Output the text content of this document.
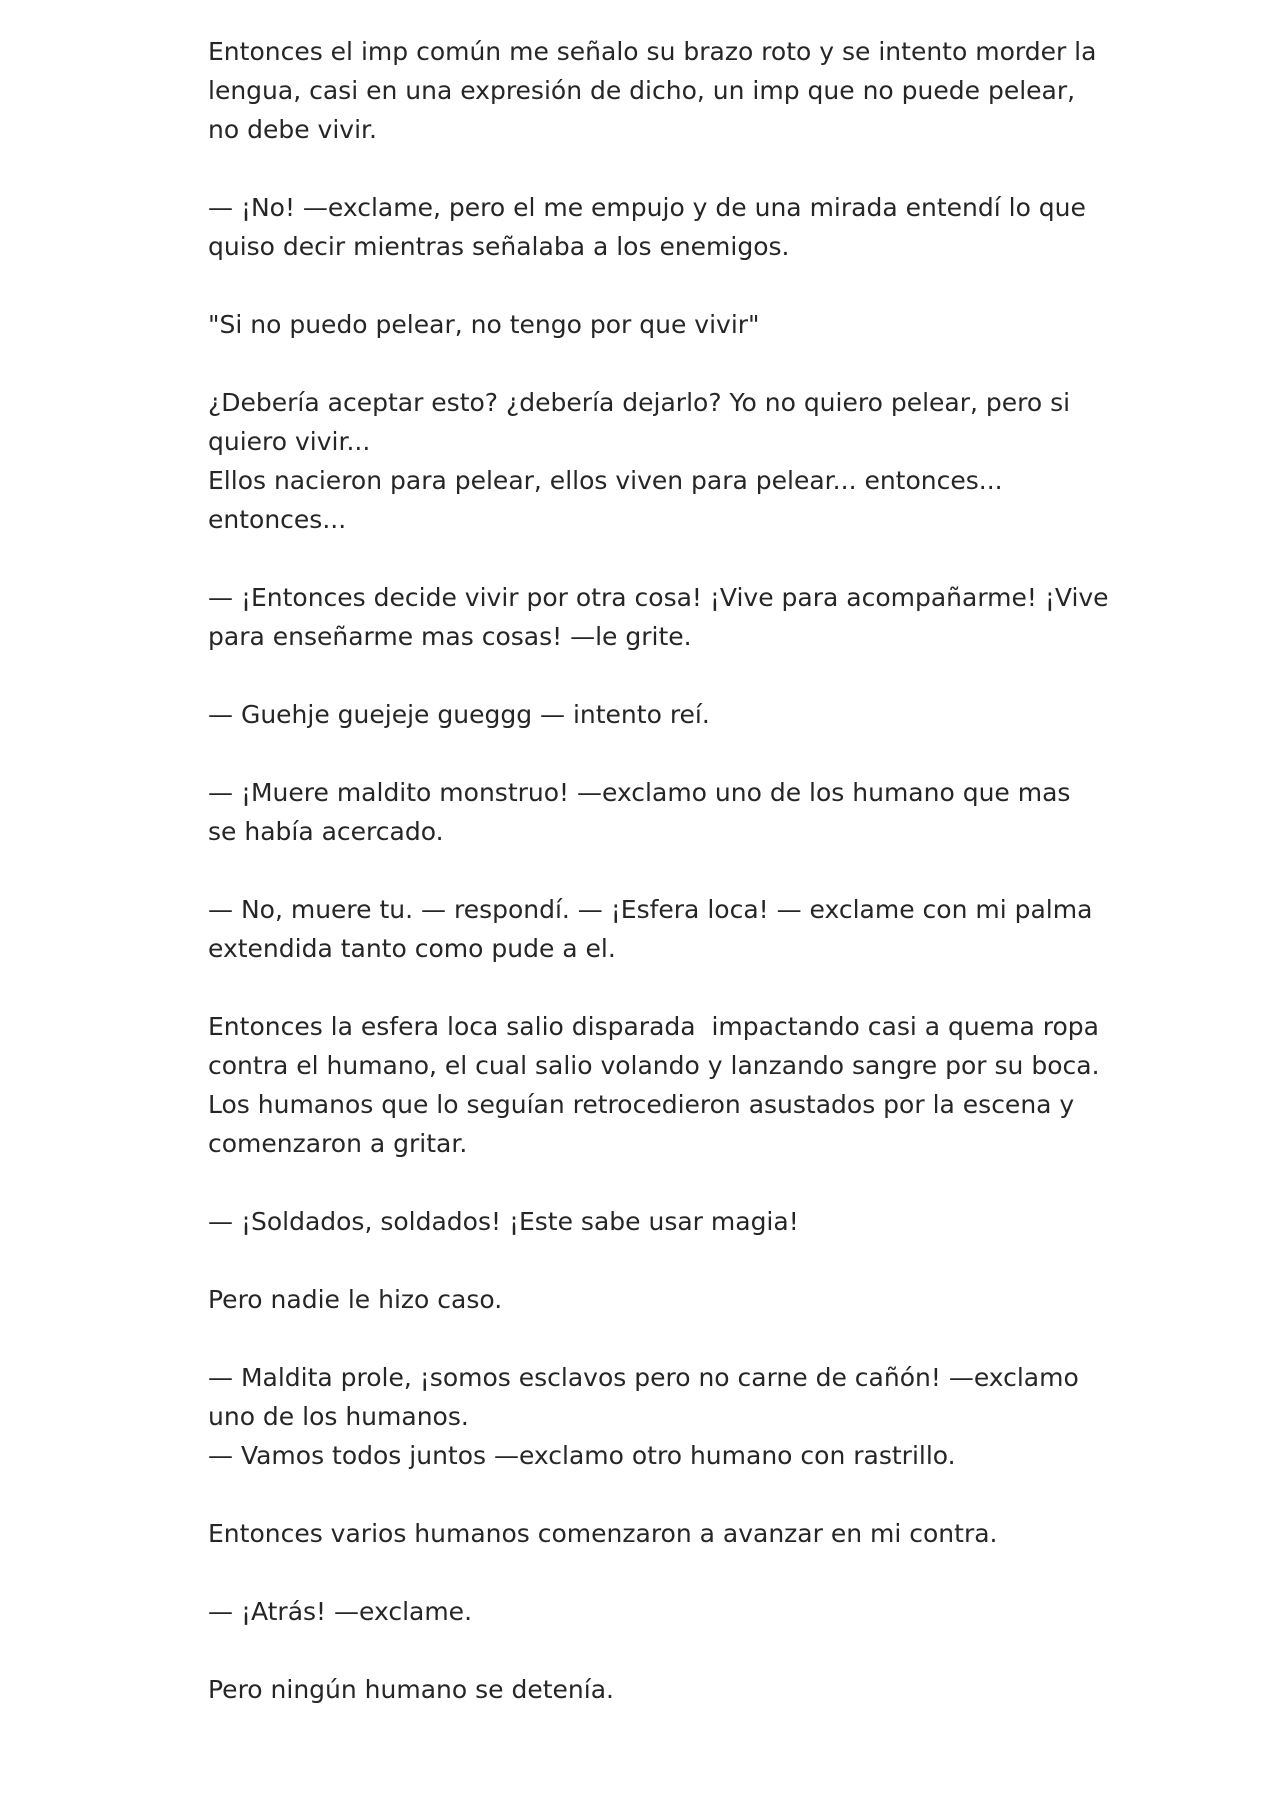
Entonces el imp común me señalo su brazo roto y se intento morder la
lengua, casi en una expresión de dicho, un imp que no puede pelear,
no debe vivir.

— ¡No! —exclame, pero el me empujo y de una mirada entendí lo que
quiso decir mientras señalaba a los enemigos.

"Si no puedo pelear, no tengo por que vivir"

¿Debería aceptar esto? ¿debería dejarlo? Yo no quiero pelear, pero si
quiero vivir...
Ellos nacieron para pelear, ellos viven para pelear... entonces...
entonces...

— ¡Entonces decide vivir por otra cosa! ¡Vive para acompañarme! ¡Vive
para enseñarme mas cosas! —le grite.

— Guehje guejeje gueggg — intento reí.

— ¡Muere maldito monstruo! —exclamo uno de los humano que mas
se había acercado.

— No, muere tu. — respondí. — ¡Esfera loca! — exclame con mi palma
extendida tanto como pude a el.

Entonces la esfera loca salio disparada  impactando casi a quema ropa
contra el humano, el cual salio volando y lanzando sangre por su boca.
Los humanos que lo seguían retrocedieron asustados por la escena y
comenzaron a gritar.

— ¡Soldados, soldados! ¡Este sabe usar magia!

Pero nadie le hizo caso.

— Maldita prole, ¡somos esclavos pero no carne de cañón! —exclamo
uno de los humanos.
— Vamos todos juntos —exclamo otro humano con rastrillo.

Entonces varios humanos comenzaron a avanzar en mi contra.

— ¡Atrás! —exclame.

Pero ningún humano se detenía.
